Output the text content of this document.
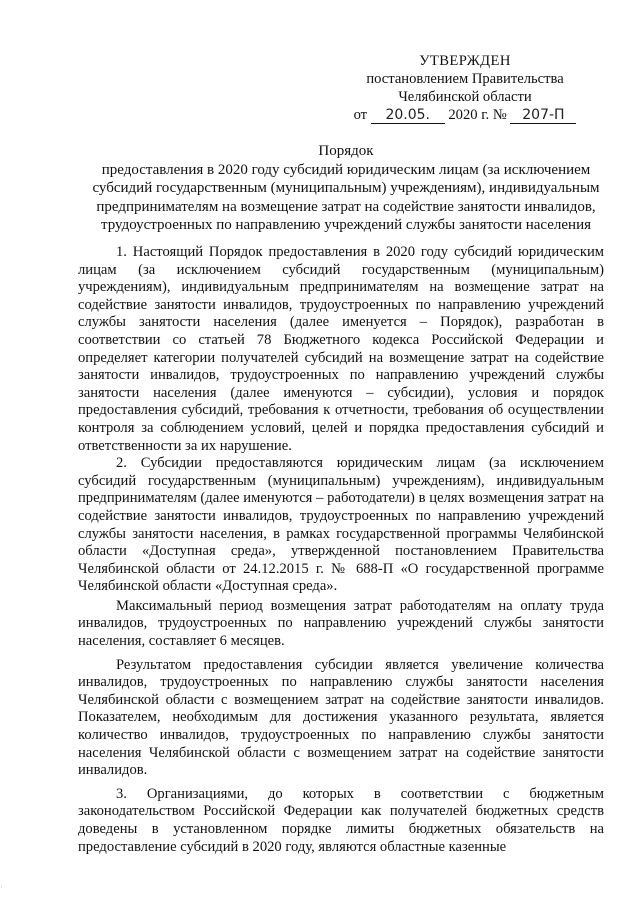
УТВЕРЖДЕН
постановлением Правительства
Челябинской области
от 20.05. 2020 г. № 207-П
Порядок
предоставления в 2020 году субсидий юридическим лицам (за исключением субсидий государственным (муниципальным) учреждениям), индивидуальным предпринимателям на возмещение затрат на содействие занятости инвалидов, трудоустроенных по направлению учреждений службы занятости населения

1. Настоящий Порядок предоставления в 2020 году субсидий юридическим лицам (за исключением субсидий государственным (муниципальным) учреждениям), индивидуальным предпринимателям на возмещение затрат на содействие занятости инвалидов, трудоустроенных по направлению учреждений службы занятости населения (далее именуется – Порядок), разработан в соответствии со статьей 78 Бюджетного кодекса Российской Федерации и определяет категории получателей субсидий на возмещение затрат на содействие занятости инвалидов, трудоустроенных по направлению учреждений службы занятости населения (далее именуются – субсидии), условия и порядок предоставления субсидий, требования к отчетности, требования об осуществлении контроля за соблюдением условий, целей и порядка предоставления субсидий и ответственности за их нарушение.

2. Субсидии предоставляются юридическим лицам (за исключением субсидий государственным (муниципальным) учреждениям), индивидуальным предпринимателям (далее именуются – работодатели) в целях возмещения затрат на содействие занятости инвалидов, трудоустроенных по направлению учреждений службы занятости населения, в рамках государственной программы Челябинской области «Доступная среда», утвержденной постановлением Правительства Челябинской области от 24.12.2015 г. № 688-П «О государственной программе Челябинской области «Доступная среда».

Максимальный период возмещения затрат работодателям на оплату труда инвалидов, трудоустроенных по направлению учреждений службы занятости населения, составляет 6 месяцев.

Результатом предоставления субсидии является увеличение количества инвалидов, трудоустроенных по направлению службы занятости населения Челябинской области с возмещением затрат на содействие занятости инвалидов. Показателем, необходимым для достижения указанного результата, является количество инвалидов, трудоустроенных по направлению службы занятости населения Челябинской области с возмещением затрат на содействие занятости инвалидов.

3. Организациями, до которых в соответствии с бюджетным законодательством Российской Федерации как получателей бюджетных средств доведены в установленном порядке лимиты бюджетных обязательств на предоставление субсидий в 2020 году, являются областные казенные

·
